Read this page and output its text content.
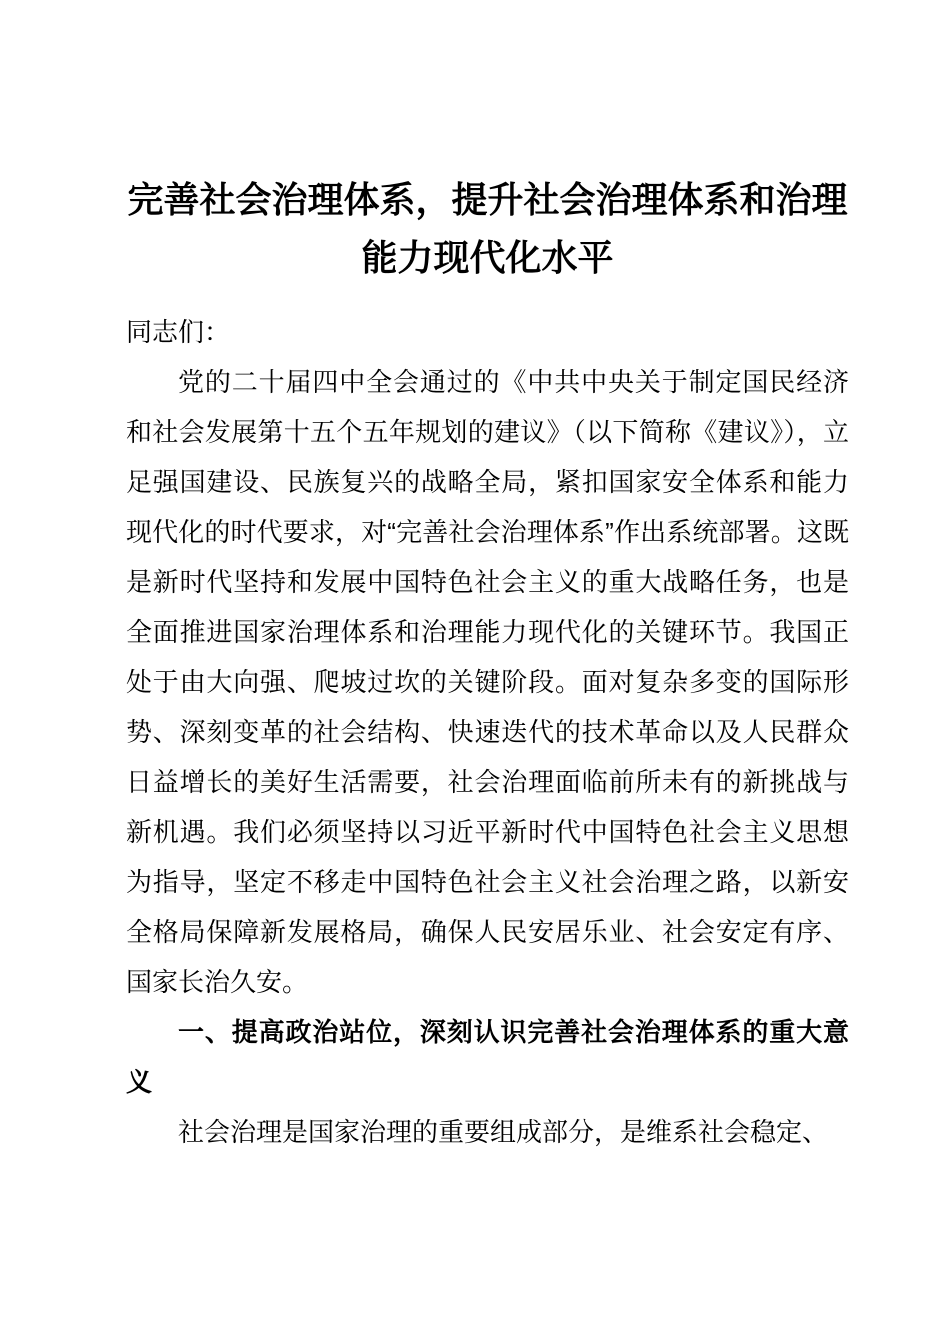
完善社会治理体系，提升社会治理体系和治理能力现代化水平

同志们：

党的二十届四中全会通过的《中共中央关于制定国民经济和社会发展第十五个五年规划的建议》（以下简称《建议》），立足强国建设、民族复兴的战略全局，紧扣国家安全体系和能力现代化的时代要求，对“完善社会治理体系”作出系统部署。这既是新时代坚持和发展中国特色社会主义的重大战略任务，也是全面推进国家治理体系和治理能力现代化的关键环节。我国正处于由大向强、爬坡过坎的关键阶段。面对复杂多变的国际形势、深刻变革的社会结构、快速迭代的技术革命以及人民群众日益增长的美好生活需要，社会治理面临前所未有的新挑战与新机遇。我们必须坚持以习近平新时代中国特色社会主义思想为指导，坚定不移走中国特色社会主义社会治理之路，以新安全格局保障新发展格局，确保人民安居乐业、社会安定有序、国家长治久安。

一、提高政治站位，深刻认识完善社会治理体系的重大意义

社会治理是国家治理的重要组成部分，是维系社会稳定、
